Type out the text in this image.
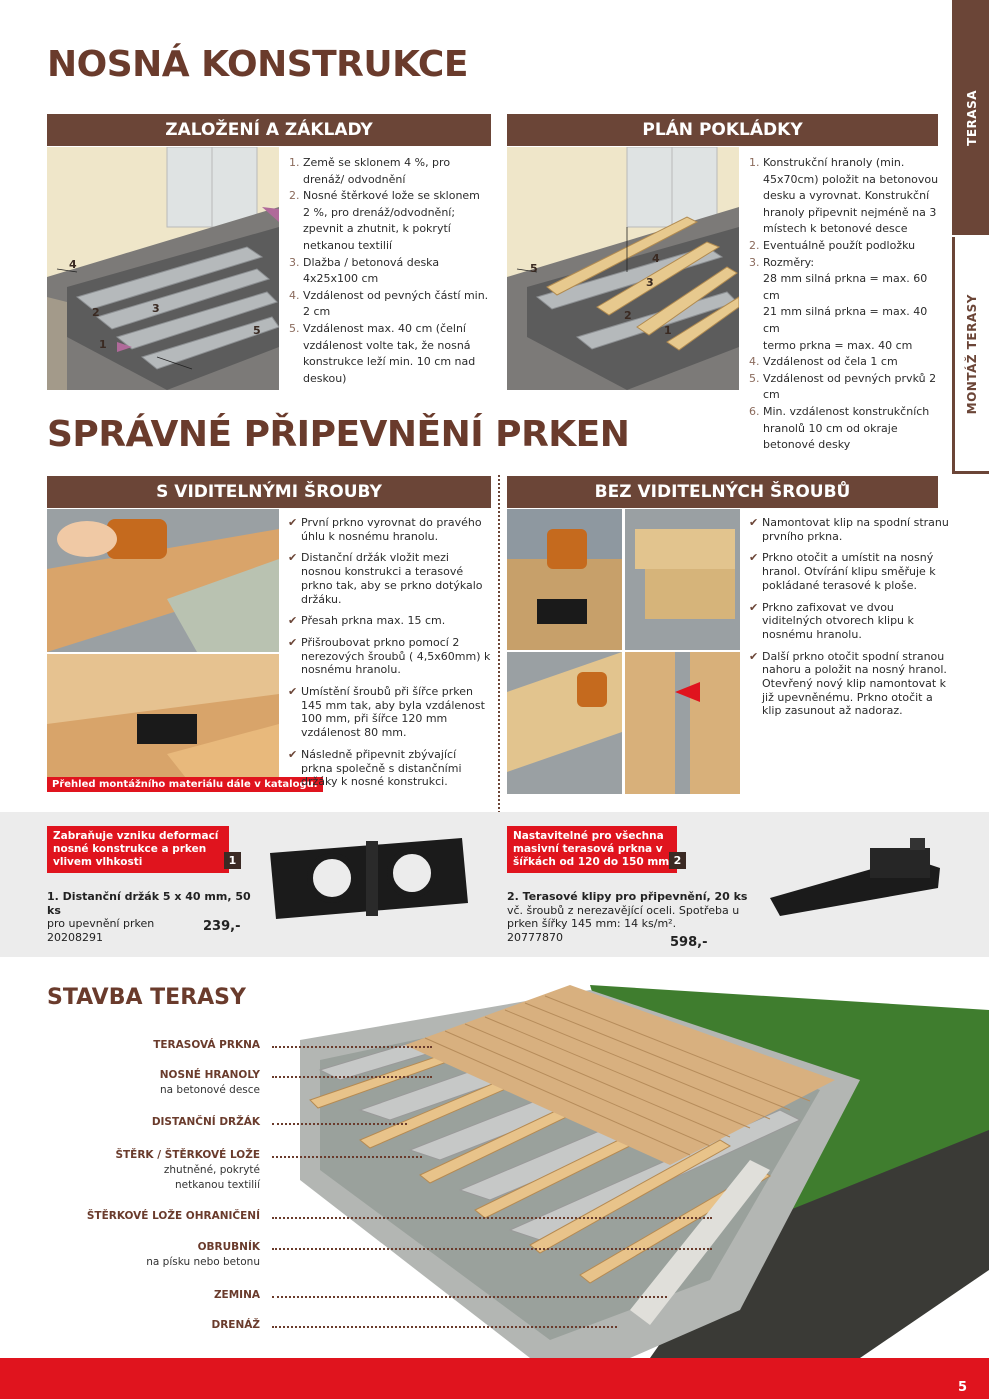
TERASA
MONTÁŽ TERASY
NOSNÁ KONSTRUKCE
ZALOŽENÍ A ZÁKLADY	PLÁN POKLÁDKY
4
2	3
5
1
1. Země se sklonem 4 %, pro drenáž/ odvodnění
2. Nosné štěrkové lože se sklonem 2 %, pro drenáž/odvodnění; zpevnit a zhutnit, k pokrytí netkanou textilií
3. Dlažba / betonová deska 4x25x100 cm
4. Vzdálenost od pevných částí min. 2 cm
5. Vzdálenost max. 40 cm (čelní vzdálenost volte tak, že nosná konstrukce leží min. 10 cm nad deskou)
5
4
3
2
1
1. Konstrukční hranoly (min. 45x70cm) položit na betonovou desku a vyrovnat. Konstrukční hranoly připevnit nejméně na 3 místech k betonové desce
2. Eventuálně použít podložku
3. Rozměry:
28 mm silná prkna = max. 60 cm
21 mm silná prkna = max. 40 cm
termo prkna = max. 40 cm
4. Vzdálenost od čela 1 cm
5. Vzdálenost od pevných prvků 2 cm
6. Min. vzdálenost konstrukčních hranolů 10 cm od okraje betonové desky
SPRÁVNÉ PŘIPEVNĚNÍ PRKEN
S VIDITELNÝMI ŠROUBY	BEZ VIDITELNÝCH ŠROUBŮ
Přehled montážního materiálu dále v katalogu.
✔ První prkno vyrovnat do pravého úhlu k nosnému hranolu.
✔ Distanční držák vložit mezi nosnou konstrukci a terasové prkno tak, aby se prkno dotýkalo držáku.
✔ Přesah prkna max. 15 cm.
✔ Přišroubovat prkno pomocí 2 nerezových šroubů ( 4,5x60mm) k nosnému hranolu.
✔ Umístění šroubů při šířce prken 145 mm tak, aby byla vzdálenost 100 mm, při šířce 120 mm vzdálenost 80 mm.
✔ Následně připevnit zbývající prkna společně s distančními držáky k nosné konstrukci.
✔ Namontovat klip na spodní stranu prvního prkna.
✔ Prkno otočit a umístit na nosný hranol. Otvírání klipu směřuje k pokládané terasové k ploše.
✔ Prkno zafixovat ve dvou viditelných otvorech klipu k nosnému hranolu.
✔ Další prkno otočit spodní stranou nahoru a položit na nosný hranol. Otevřený nový klip namontovat k již upevněnému. Prkno otočit a klip zasunout až nadoraz.
Zabraňuje vzniku deformací nosné konstrukce a prken vlivem vlhkosti	1
1. Distanční držák 5 x 40 mm, 50 ks
pro upevnění prken
20208291
239,-
Nastavitelné pro všechna masivní terasová prkna v šířkách od 120 do 150 mm 2
2. Terasové klipy pro připevnění, 20 ks
vč. šroubů z nerezavějící oceli. Spotřeba u prken šířky 145 mm: 14 ks/m².
20777870	598,-
STAVBA TERASY
TERASOVÁ PRKNA
NOSNÉ HRANOLY
na betonové desce
DISTANČNÍ DRŽÁK
ŠTĚRK / ŠTĚRKOVÉ LOŽE
zhutněné, pokryté netkanou textilií
ŠTĚRKOVÉ LOŽE OHRANIČENÍ
OBRUBNÍK
na písku nebo betonu
ZEMINA
DRENÁŽ
5
